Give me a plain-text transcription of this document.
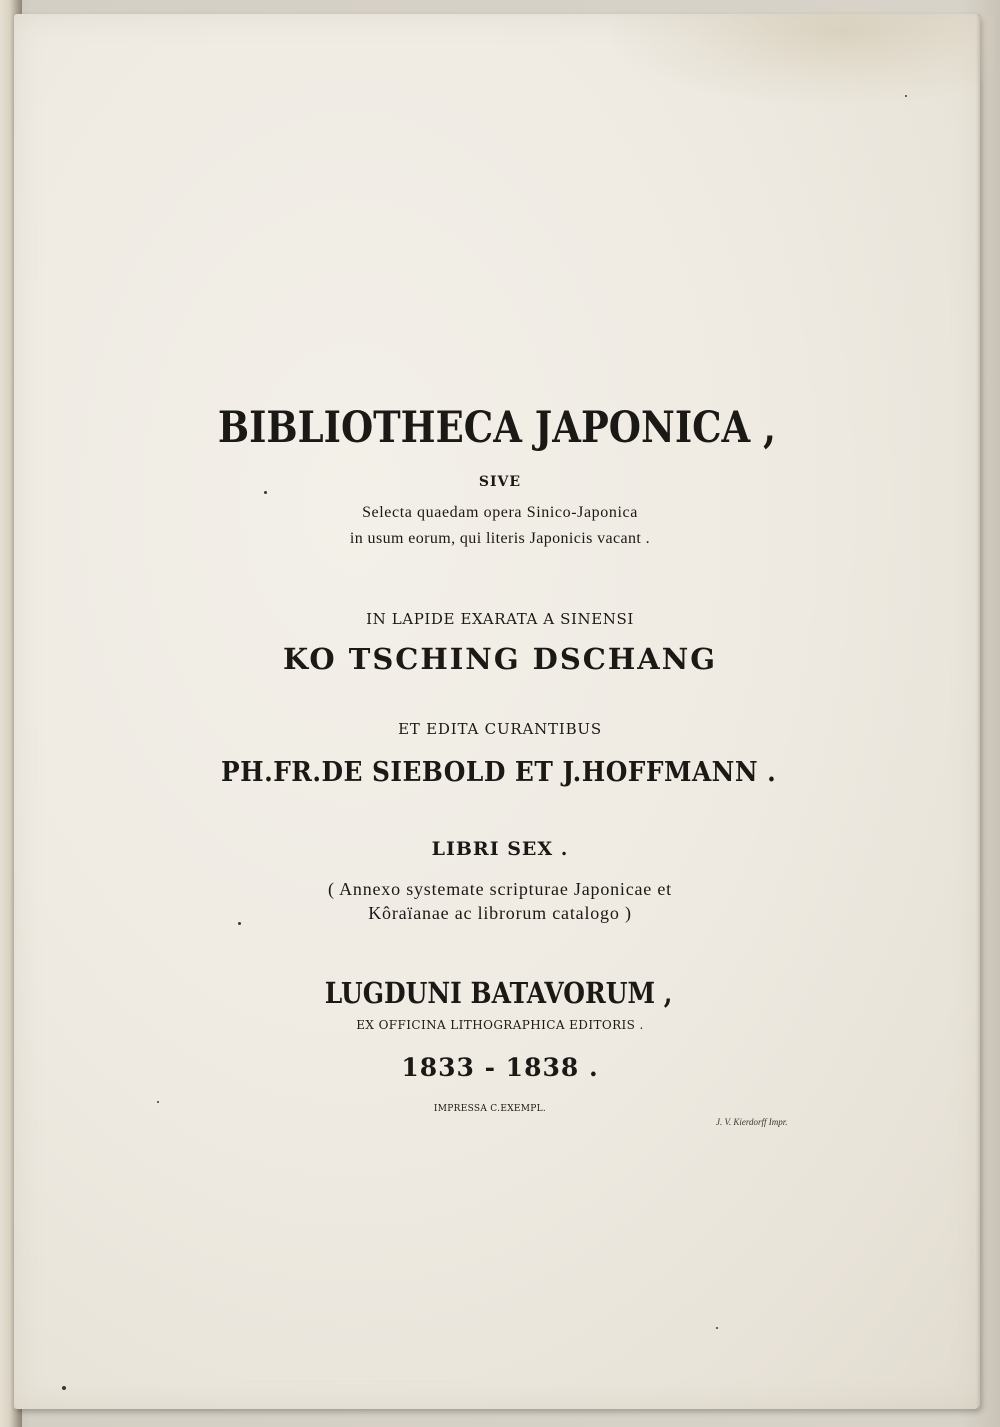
BIBLIOTHECA JAPONICA ,

SIVE

Selecta quaedam opera Sinico-Japonica

in usum eorum, qui literis Japonicis vacant .

IN LAPIDE EXARATA A SINENSI

KO TSCHING DSCHANG

ET EDITA CURANTIBUS

PH.FR.DE SIEBOLD ET J.HOFFMANN .

LIBRI SEX .

( Annexo systemate scripturae Japonicae et

Kôraïanae ac librorum catalogo )

LUGDUNI BATAVORUM ,

EX OFFICINA LITHOGRAPHICA EDITORIS .

1833 - 1838 .

IMPRESSA C.EXEMPL.

J. V. Kierdorff Impr.
